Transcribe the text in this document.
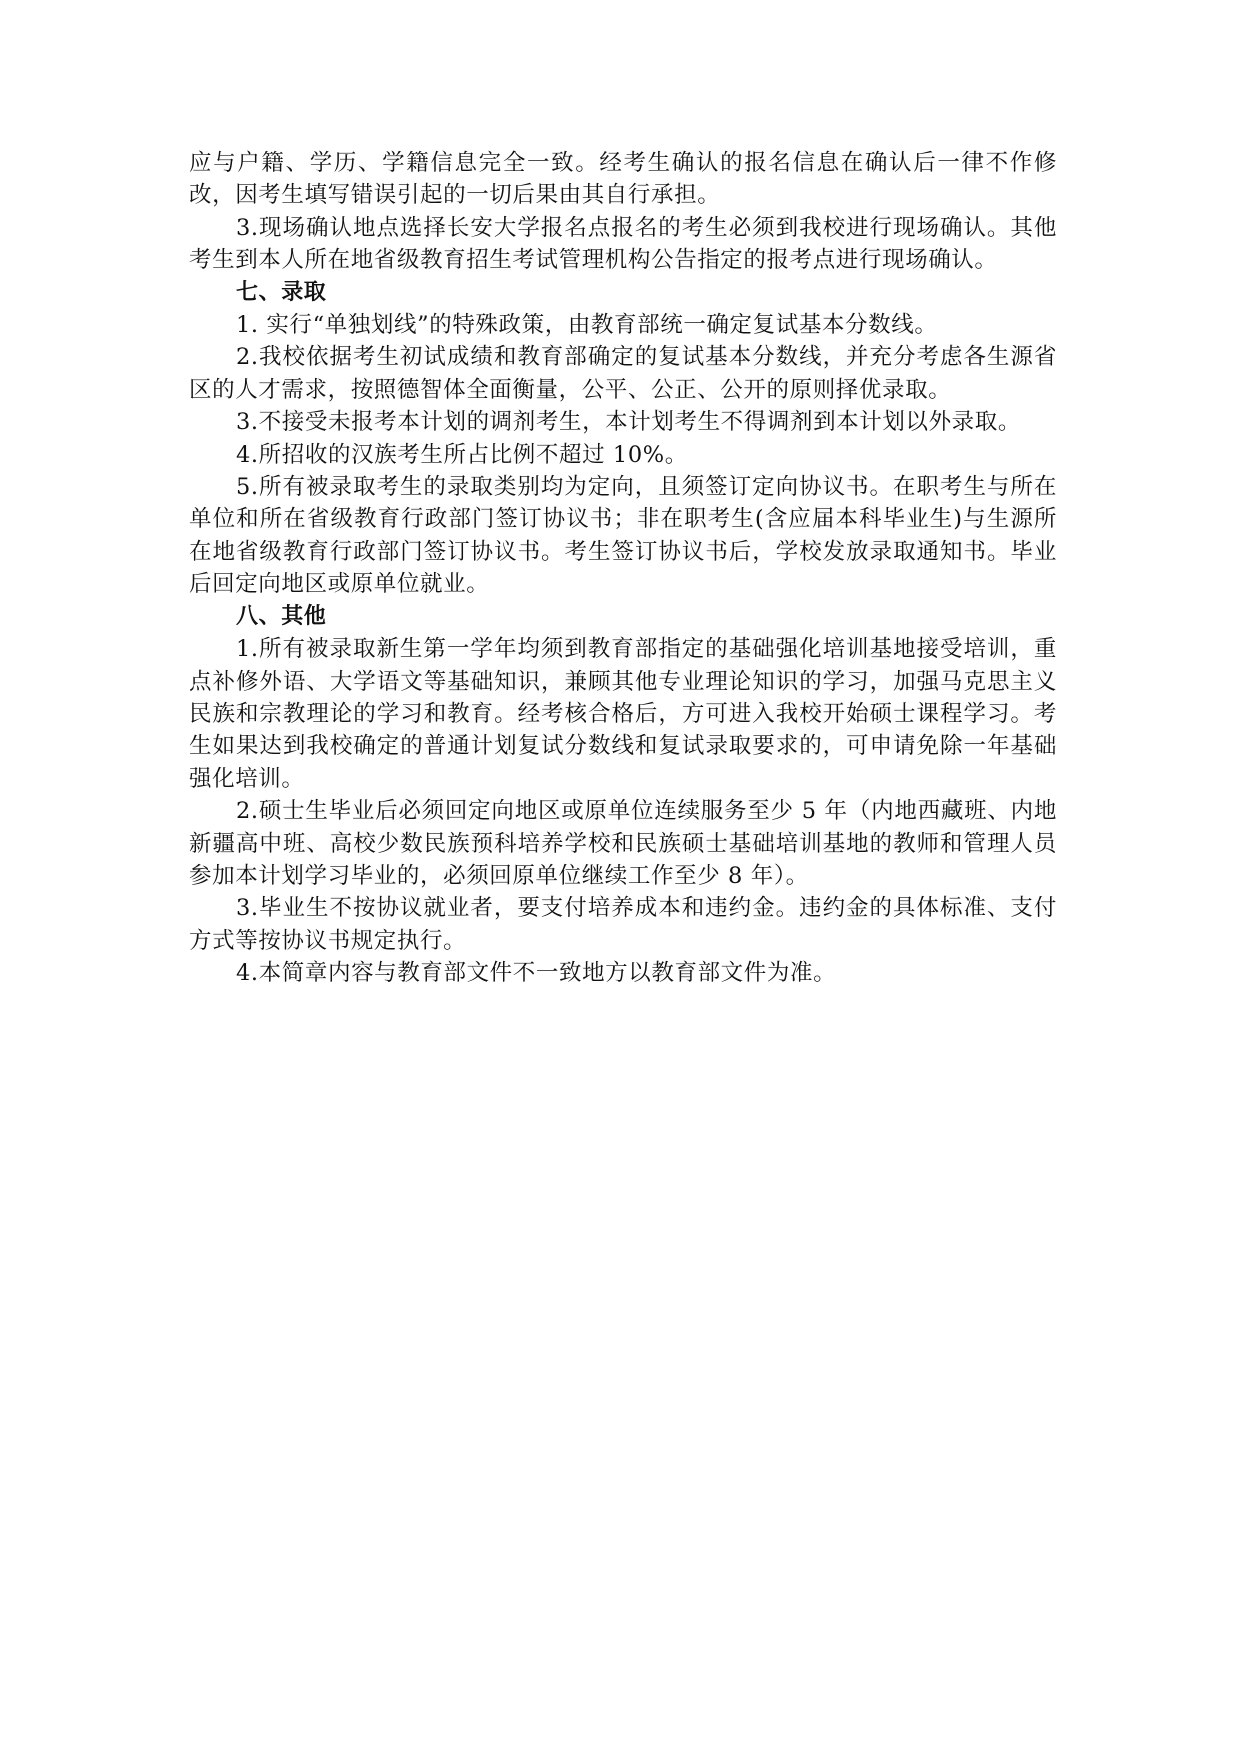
应与户籍、学历、学籍信息完全一致。经考生确认的报名信息在确认后一律不作修改，因考生填写错误引起的一切后果由其自行承担。

3.现场确认地点选择长安大学报名点报名的考生必须到我校进行现场确认。其他考生到本人所在地省级教育招生考试管理机构公告指定的报考点进行现场确认。

七、录取

1. 实行“单独划线”的特殊政策，由教育部统一确定复试基本分数线。

2.我校依据考生初试成绩和教育部确定的复试基本分数线，并充分考虑各生源省区的人才需求，按照德智体全面衡量，公平、公正、公开的原则择优录取。

3.不接受未报考本计划的调剂考生，本计划考生不得调剂到本计划以外录取。

4.所招收的汉族考生所占比例不超过 10%。

5.所有被录取考生的录取类别均为定向，且须签订定向协议书。在职考生与所在单位和所在省级教育行政部门签订协议书；非在职考生(含应届本科毕业生)与生源所在地省级教育行政部门签订协议书。考生签订协议书后，学校发放录取通知书。毕业后回定向地区或原单位就业。

八、其他

1.所有被录取新生第一学年均须到教育部指定的基础强化培训基地接受培训，重点补修外语、大学语文等基础知识，兼顾其他专业理论知识的学习，加强马克思主义民族和宗教理论的学习和教育。经考核合格后，方可进入我校开始硕士课程学习。考生如果达到我校确定的普通计划复试分数线和复试录取要求的，可申请免除一年基础强化培训。

2.硕士生毕业后必须回定向地区或原单位连续服务至少 5 年（内地西藏班、内地新疆高中班、高校少数民族预科培养学校和民族硕士基础培训基地的教师和管理人员参加本计划学习毕业的，必须回原单位继续工作至少 8 年）。

3.毕业生不按协议就业者，要支付培养成本和违约金。违约金的具体标准、支付方式等按协议书规定执行。

4.本简章内容与教育部文件不一致地方以教育部文件为准。
